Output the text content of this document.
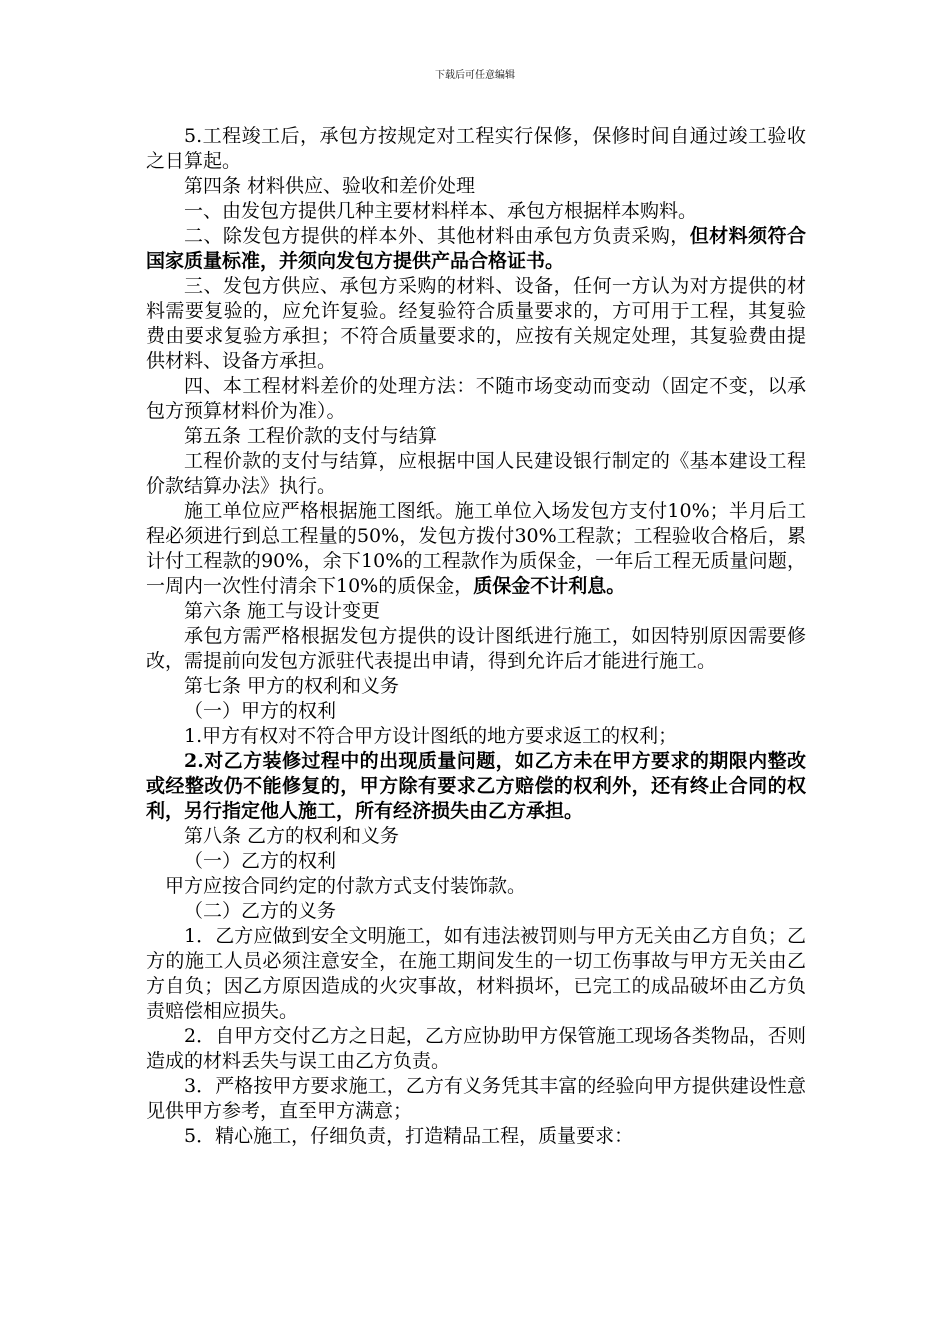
下载后可任意编辑

5.工程竣工后，承包方按规定对工程实行保修，保修时间自通过竣工验收之日算起。

第四条 材料供应、验收和差价处理

一、由发包方提供几种主要材料样本、承包方根据样本购料。

二、除发包方提供的样本外、其他材料由承包方负责采购，但材料须符合国家质量标准，并须向发包方提供产品合格证书。

三、发包方供应、承包方采购的材料、设备，任何一方认为对方提供的材料需要复验的，应允许复验。经复验符合质量要求的，方可用于工程，其复验费由要求复验方承担；不符合质量要求的，应按有关规定处理，其复验费由提供材料、设备方承担。

四、本工程材料差价的处理方法：不随市场变动而变动（固定不变，以承包方预算材料价为准）。

第五条 工程价款的支付与结算

工程价款的支付与结算，应根据中国人民建设银行制定的《基本建设工程价款结算办法》执行。

施工单位应严格根据施工图纸。施工单位入场发包方支付10%；半月后工程必须进行到总工程量的50%，发包方拨付30%工程款；工程验收合格后，累计付工程款的90%，余下10%的工程款作为质保金，一年后工程无质量问题，一周内一次性付清余下10%的质保金，质保金不计利息。

第六条 施工与设计变更

承包方需严格根据发包方提供的设计图纸进行施工，如因特别原因需要修改，需提前向发包方派驻代表提出申请，得到允许后才能进行施工。

第七条 甲方的权利和义务

（一）甲方的权利

1.甲方有权对不符合甲方设计图纸的地方要求返工的权利；

2.对乙方装修过程中的出现质量问题，如乙方未在甲方要求的期限内整改或经整改仍不能修复的，甲方除有要求乙方赔偿的权利外，还有终止合同的权利，另行指定他人施工，所有经济损失由乙方承担。

第八条 乙方的权利和义务

（一）乙方的权利

甲方应按合同约定的付款方式支付装饰款。

（二）乙方的义务

1．乙方应做到安全文明施工，如有违法被罚则与甲方无关由乙方自负；乙方的施工人员必须注意安全，在施工期间发生的一切工伤事故与甲方无关由乙方自负；因乙方原因造成的火灾事故，材料损坏，已完工的成品破坏由乙方负责赔偿相应损失。

2．自甲方交付乙方之日起，乙方应协助甲方保管施工现场各类物品，否则造成的材料丢失与误工由乙方负责。

3．严格按甲方要求施工，乙方有义务凭其丰富的经验向甲方提供建设性意见供甲方参考，直至甲方满意；

5．精心施工，仔细负责，打造精品工程，质量要求：
